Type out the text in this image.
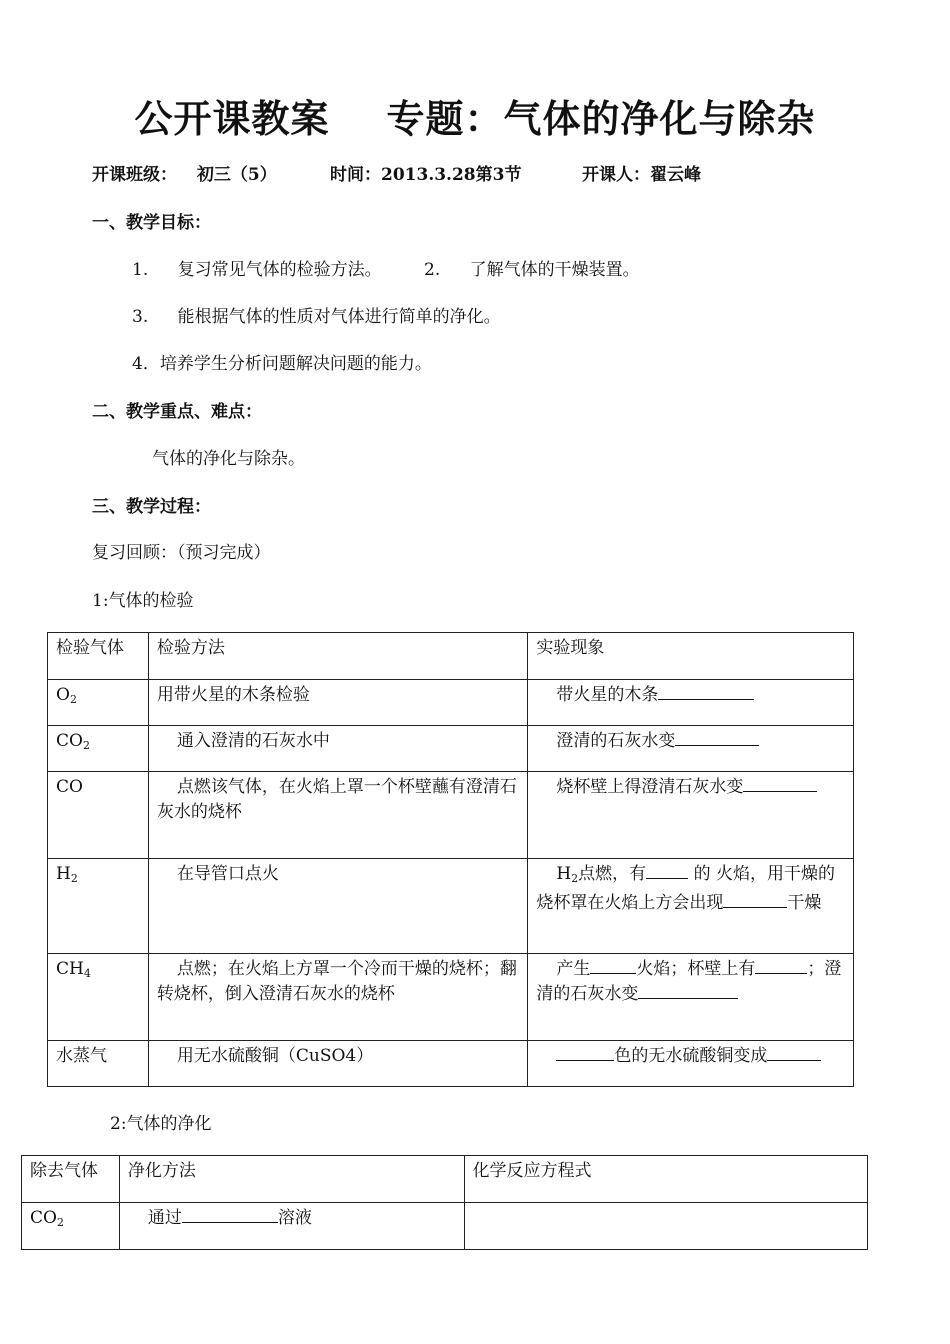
公开课教案    专题：气体的净化与除杂
开课班级： 初三（5）	时间：2013.3.28第3节	开课人：翟云峰
一、教学目标：
1. 复习常见气体的检验方法。 2. 了解气体的干燥装置。
3. 能根据气体的性质对气体进行简单的净化。
4．培养学生分析问题解决问题的能力。
二、教学重点、难点：
气体的净化与除杂。
三、教学过程：
复习回顾：（预习完成）
1:气体的检验
检验气体	检验方法	实验现象
$O_2$	用带火星的木条检验	带火星的木条
$CO_2$	通入澄清的石灰水中	澄清的石灰水变
CO	点燃该气体，在火焰上罩一个杯壁蘸有澄清石灰水的烧杯	烧杯壁上得澄清石灰水变
$H_2$	在导管口点火	$H_2$点燃，有 的 火焰，用干燥的 烧杯罩在火焰上方会出现 干燥

$CH_4$	点燃；在火焰上方罩一个冷而干燥的烧杯；翻转烧杯，倒入澄清石灰水的烧杯	产生 火焰；杯壁上有 ；澄清的石灰水变

水蒸气	用无水硫酸铜（CuSO4）	色的无水硫酸铜变成
2:气体的净化
除去气体	净化方法	化学反应方程式
$CO_2$	通过 溶液	
